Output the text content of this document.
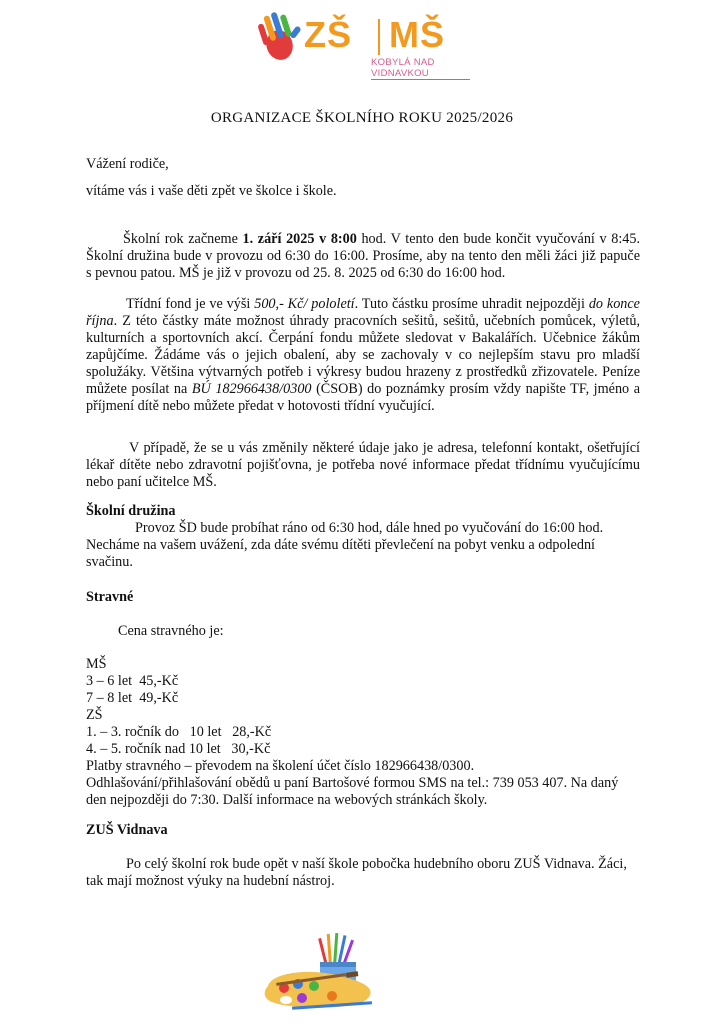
ZŠ MŠ
KOBYLÁ NAD VIDNAVKOU
ORGANIZACE ŠKOLNÍHO ROKU 2025/2026

Vážení rodiče,

vítáme vás i vaše děti zpět ve školce i škole.

Školní rok začneme 1. září 2025 v 8:00 hod. V tento den bude končit vyučování v 8:45. Školní družina bude v provozu od 6:30 do 16:00. Prosíme, aby na tento den měli žáci již papuče s pevnou patou. MŠ je již v provozu od 25. 8. 2025 od 6:30 do 16:00 hod.

Třídní fond je ve výši 500,- Kč/ pololetí. Tuto částku prosíme uhradit nejpozději do konce října. Z této částky máte možnost úhrady pracovních sešitů, sešitů, učebních pomůcek, výletů, kulturních a sportovních akcí. Čerpání fondu můžete sledovat v Bakalářích. Učebnice žákům zapůjčíme. Žádáme vás o jejich obalení, aby se zachovaly v co nejlepším stavu pro mladší spolužáky. Většina výtvarných potřeb i výkresy budou hrazeny z prostředků zřizovatele. Peníze můžete posílat na BÚ 182966438/0300 (ČSOB) do poznámky prosím vždy napište TF, jméno a příjmení dítě nebo můžete předat v hotovosti třídní vyučující.

V případě, že se u vás změnily některé údaje jako je adresa, telefonní kontakt, ošetřující lékař dítěte nebo zdravotní pojišťovna, je potřeba nové informace předat třídnímu vyučujícímu nebo paní učitelce MŠ.

Školní družina

Provoz ŠD bude probíhat ráno od 6:30 hod, dále hned po vyučování do 16:00 hod. Necháme na vašem uvážení, zda dáte svému dítěti převlečení na pobyt venku a odpolední svačinu.

Stravné

Cena stravného je:

MŠ
3 – 6 let  45,-Kč
7 – 8 let  49,-Kč
ZŠ
1. – 3. ročník do   10 let   28,-Kč
4. – 5. ročník nad 10 let   30,-Kč
Platby stravného – převodem na školení účet číslo 182966438/0300.
Odhlašování/přihlašování obědů u paní Bartošové formou SMS na tel.: 739 053 407. Na daný den nejpozději do 7:30. Další informace na webových stránkách školy.

ZUŠ Vidnava

Po celý školní rok bude opět v naší škole pobočka hudebního oboru ZUŠ Vidnava. Žáci, tak mají možnost výuky na hudební nástroj.
